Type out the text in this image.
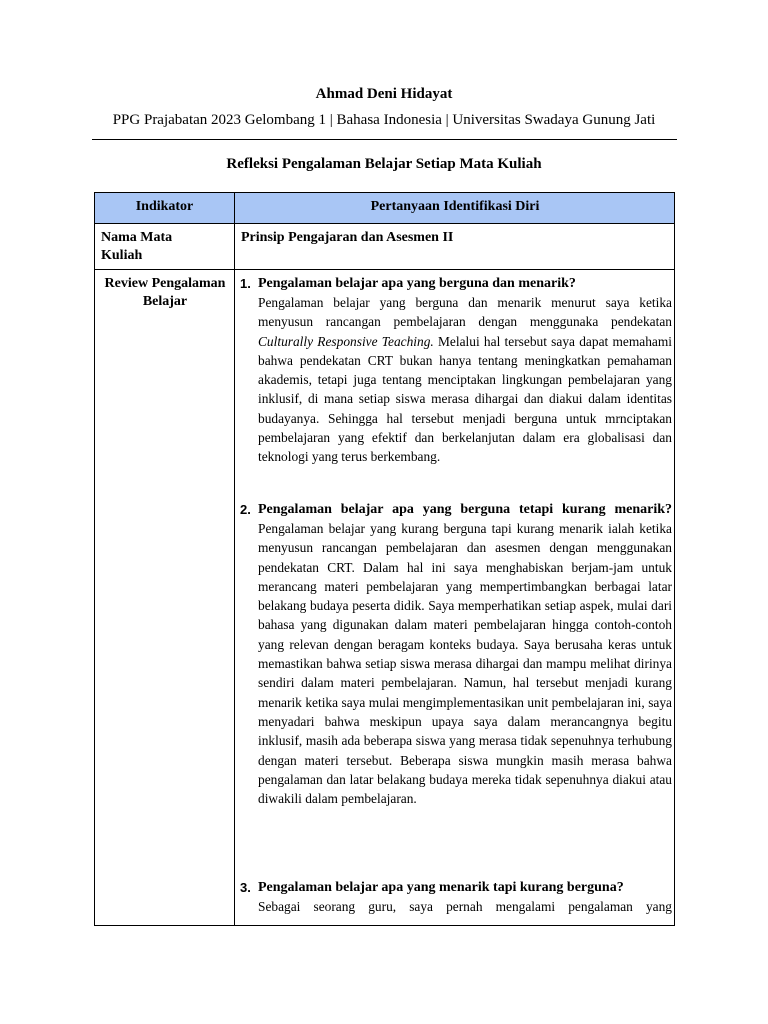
Ahmad Deni Hidayat
PPG Prajabatan 2023 Gelombang 1 | Bahasa Indonesia | Universitas Swadaya Gunung Jati
Refleksi Pengalaman Belajar Setiap Mata Kuliah
Indikator	Pertanyaan Identifikasi Diri
Nama Mata Kuliah
Prinsip Pengajaran dan Asesmen II
Review Pengalaman Belajar
1. Pengalaman belajar apa yang berguna dan menarik?
Pengalaman belajar yang berguna dan menarik menurut saya ketika menyusun rancangan pembelajaran dengan menggunaka pendekatan Culturally Responsive Teaching. Melalui hal tersebut saya dapat memahami bahwa pendekatan CRT bukan hanya tentang meningkatkan pemahaman akademis, tetapi juga tentang menciptakan lingkungan pembelajaran yang inklusif, di mana setiap siswa merasa dihargai dan diakui dalam identitas budayanya. Sehingga hal tersebut menjadi berguna untuk mrnciptakan pembelajaran yang efektif dan berkelanjutan dalam era globalisasi dan teknologi yang terus berkembang.
2. Pengalaman belajar apa yang berguna tetapi kurang menarik?
Pengalaman belajar yang kurang berguna tapi kurang menarik ialah ketika menyusun rancangan pembelajaran dan asesmen dengan menggunakan pendekatan CRT. Dalam hal ini saya menghabiskan berjam-jam untuk merancang materi pembelajaran yang mempertimbangkan berbagai latar belakang budaya peserta didik. Saya memperhatikan setiap aspek, mulai dari bahasa yang digunakan dalam materi pembelajaran hingga contoh-contoh yang relevan dengan beragam konteks budaya. Saya berusaha keras untuk memastikan bahwa setiap siswa merasa dihargai dan mampu melihat dirinya sendiri dalam materi pembelajaran. Namun, hal tersebut menjadi kurang menarik ketika saya mulai mengimplementasikan unit pembelajaran ini, saya menyadari bahwa meskipun upaya saya dalam merancangnya begitu inklusif, masih ada beberapa siswa yang merasa tidak sepenuhnya terhubung dengan materi tersebut. Beberapa siswa mungkin masih merasa bahwa pengalaman dan latar belakang budaya mereka tidak sepenuhnya diakui atau diwakili dalam pembelajaran.
3. Pengalaman belajar apa yang menarik tapi kurang berguna?
Sebagai seorang guru, saya pernah mengalami pengalaman yang
